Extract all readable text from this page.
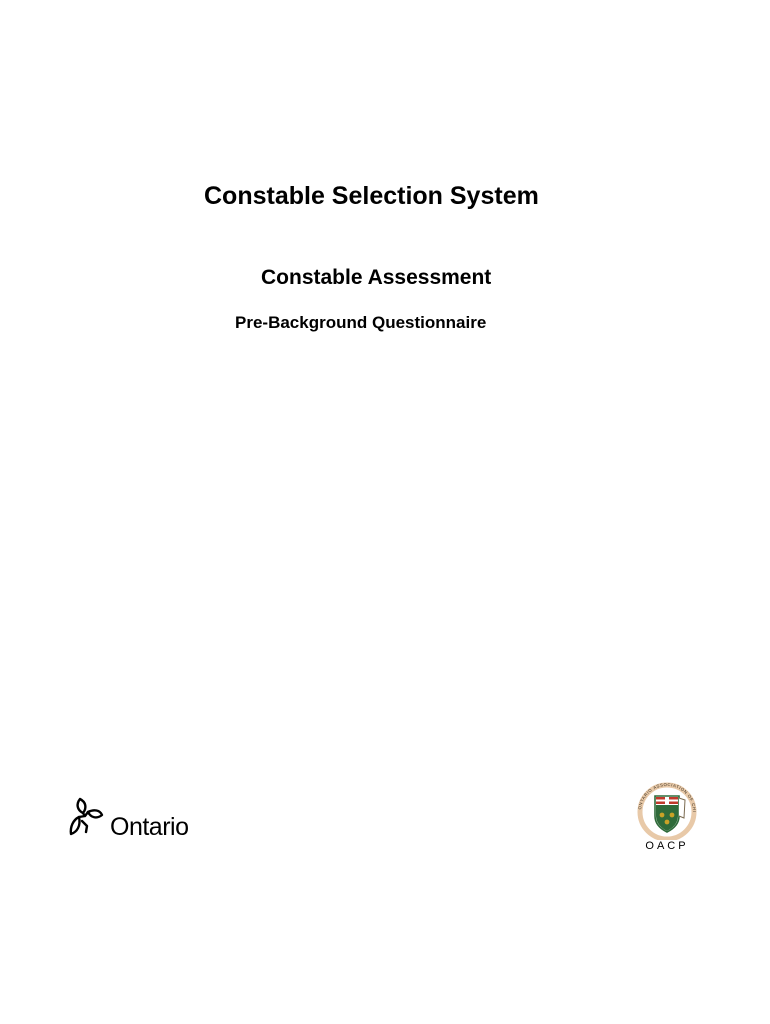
Constable Selection System
Constable Assessment
Pre-Background Questionnaire
Ontario
ONTARIO ASSOCIATION OF CHI
OACP
